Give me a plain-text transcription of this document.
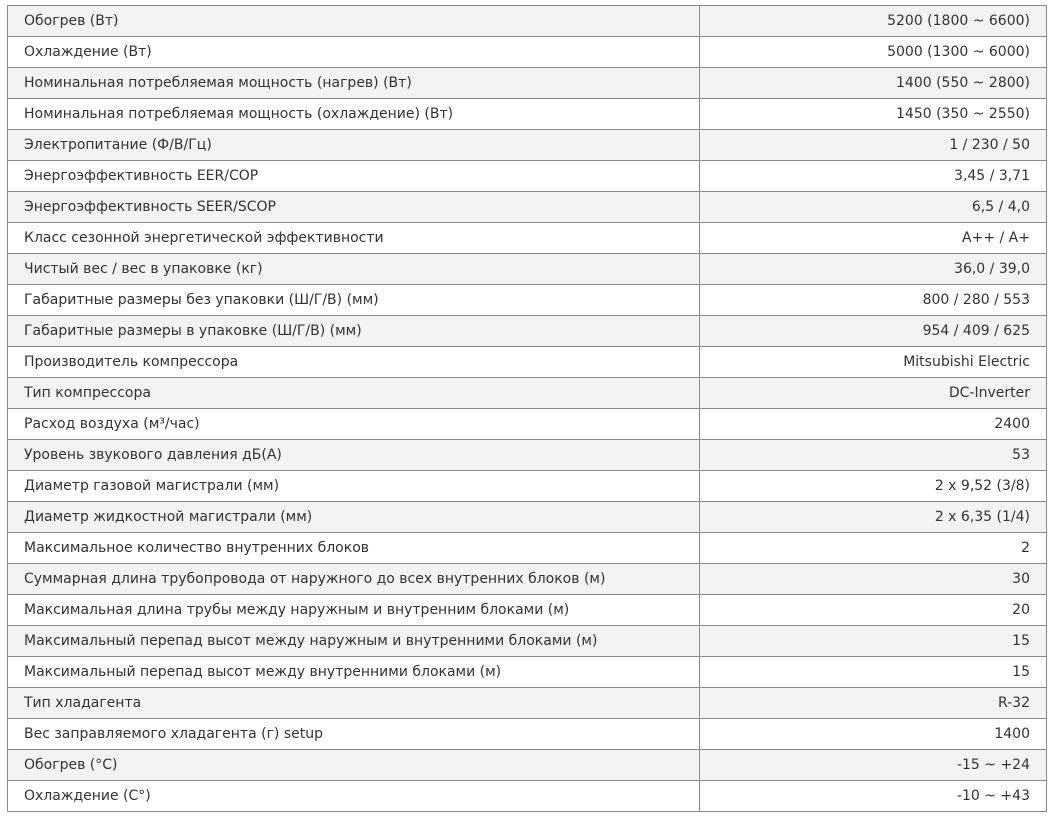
Обогрев (Вт)	5200 (1800 ~ 6600)
Охлаждение (Вт)	5000 (1300 ~ 6000)
Номинальная потребляемая мощность (нагрев) (Вт)	1400 (550 ~ 2800)
Номинальная потребляемая мощность (охлаждение) (Вт)	1450 (350 ~ 2550)
Электропитание (Ф/В/Гц)	1 / 230 / 50
Энергоэффективность EER/COP	3,45 / 3,71
Энергоэффективность SEER/SCOP	6,5 / 4,0
Класс сезонной энергетической эффективности	A++ / A+
Чистый вес / вес в упаковке (кг)	36,0 / 39,0
Габаритные размеры без упаковки (Ш/Г/В) (мм)	800 / 280 / 553
Габаритные размеры в упаковке (Ш/Г/В) (мм)	954 / 409 / 625
Производитель компрессора	Mitsubishi Electric
Тип компрессора	DC-Inverter
Расход воздуха (м³/час)	2400
Уровень звукового давления дБ(А)	53
Диаметр газовой магистрали (мм)	2 x 9,52 (3/8)
Диаметр жидкостной магистрали (мм)	2 x 6,35 (1/4)
Максимальное количество внутренних блоков	2
Суммарная длина трубопровода от наружного до всех внутренних блоков (м)	30
Максимальная длина трубы между наружным и внутренним блоками (м)	20
Максимальный перепад высот между наружным и внутренними блоками (м)	15
Максимальный перепад высот между внутренними блоками (м)	15
Тип хладагента	R-32
Вес заправляемого хладагента (г) setup	1400
Обогрев (°C)	-15 ~ +24
Охлаждение (С°)	-10 ~ +43
